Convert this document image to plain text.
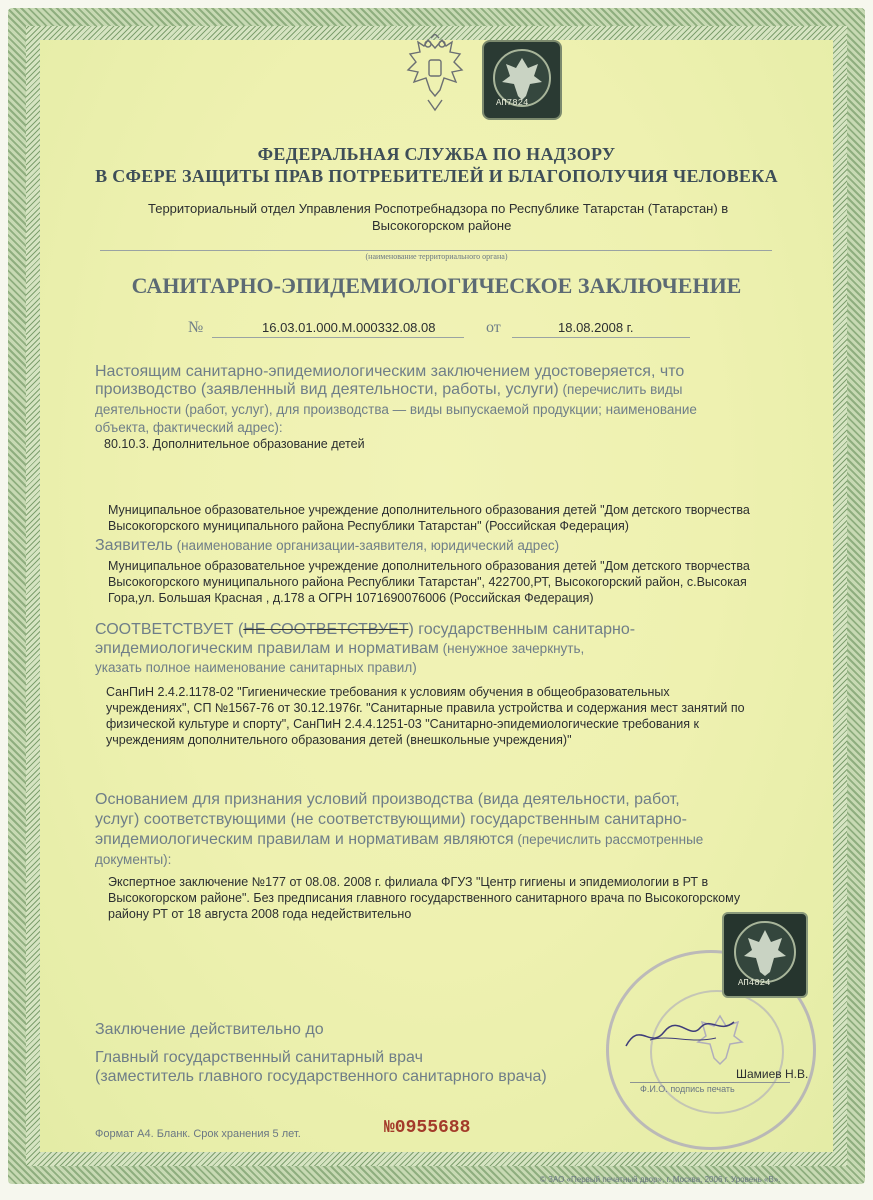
АП7824
ФЕДЕРАЛЬНАЯ СЛУЖБА ПО НАДЗОРУ
В СФЕРЕ ЗАЩИТЫ ПРАВ ПОТРЕБИТЕЛЕЙ И БЛАГОПОЛУЧИЯ ЧЕЛОВЕКА
Территориальный отдел Управления Роспотребнадзора по Республике Татарстан (Татарстан) в
Высокогорском районе
(наименование территориального органа)
САНИТАРНО-ЭПИДЕМИОЛОГИЧЕСКОЕ ЗАКЛЮЧЕНИЕ
№	16.03.01.000.М.000332.08.08	от	18.08.2008 г.
Настоящим санитарно-эпидемиологическим заключением удостоверяется, что
производство (заявленный вид деятельности, работы, услуги) (перечислить виды
деятельности (работ, услуг), для производства — виды выпускаемой продукции; наименование
объекта, фактический адрес):
80.10.3. Дополнительное образование детей
Муниципальное образовательное учреждение дополнительного образования детей "Дом детского творчества
Высокогорского муниципального района Республики Татарстан" (Российская Федерация)
Заявитель (наименование организации-заявителя, юридический адрес)
Муниципальное образовательное учреждение дополнительного образования детей "Дом детского творчества
Высокогорского муниципального района Республики Татарстан", 422700,РТ, Высокогорский район, с.Высокая
Гора,ул. Большая Красная , д.178 а ОГРН 1071690076006 (Российская Федерация)
СООТВЕТСТВУЕТ (НЕ СООТВЕТСТВУЕТ) государственным санитарно-
эпидемиологическим правилам и нормативам (ненужное зачеркнуть,
указать полное наименование санитарных правил)
СанПиН 2.4.2.1178-02 "Гигиенические требования к условиям обучения в общеобразовательных
учреждениях", СП №1567-76 от 30.12.1976г. "Санитарные правила устройства и содержания мест занятий по
физической культуре и спорту", СанПиН 2.4.4.1251-03 "Санитарно-эпидемиологические требования к
учреждениям дополнительного образования детей (внешкольные учреждения)"
Основанием для признания условий производства (вида деятельности, работ,
услуг) соответствующими (не соответствующими) государственным санитарно-
эпидемиологическим правилам и нормативам являются (перечислить рассмотренные
документы):
Экспертное заключение №177 от 08.08. 2008 г. филиала ФГУЗ "Центр гигиены и эпидемиологии в РТ в
Высокогорском районе". Без предписания главного государственного санитарного врача по Высокогорскому
району РТ от 18 августа 2008 года недействительно
АП4824
Заключение действительно до
Главный государственный санитарный врач
(заместитель главного государственного санитарного врача)	Шамиев Н.В.
Ф.И.О. подпись печать
Формат А4. Бланк. Срок хранения 5 лет.	№0955688
© ЗАО «Первый печатный двор», г. Москва, 2006 г. Уровень «В».
